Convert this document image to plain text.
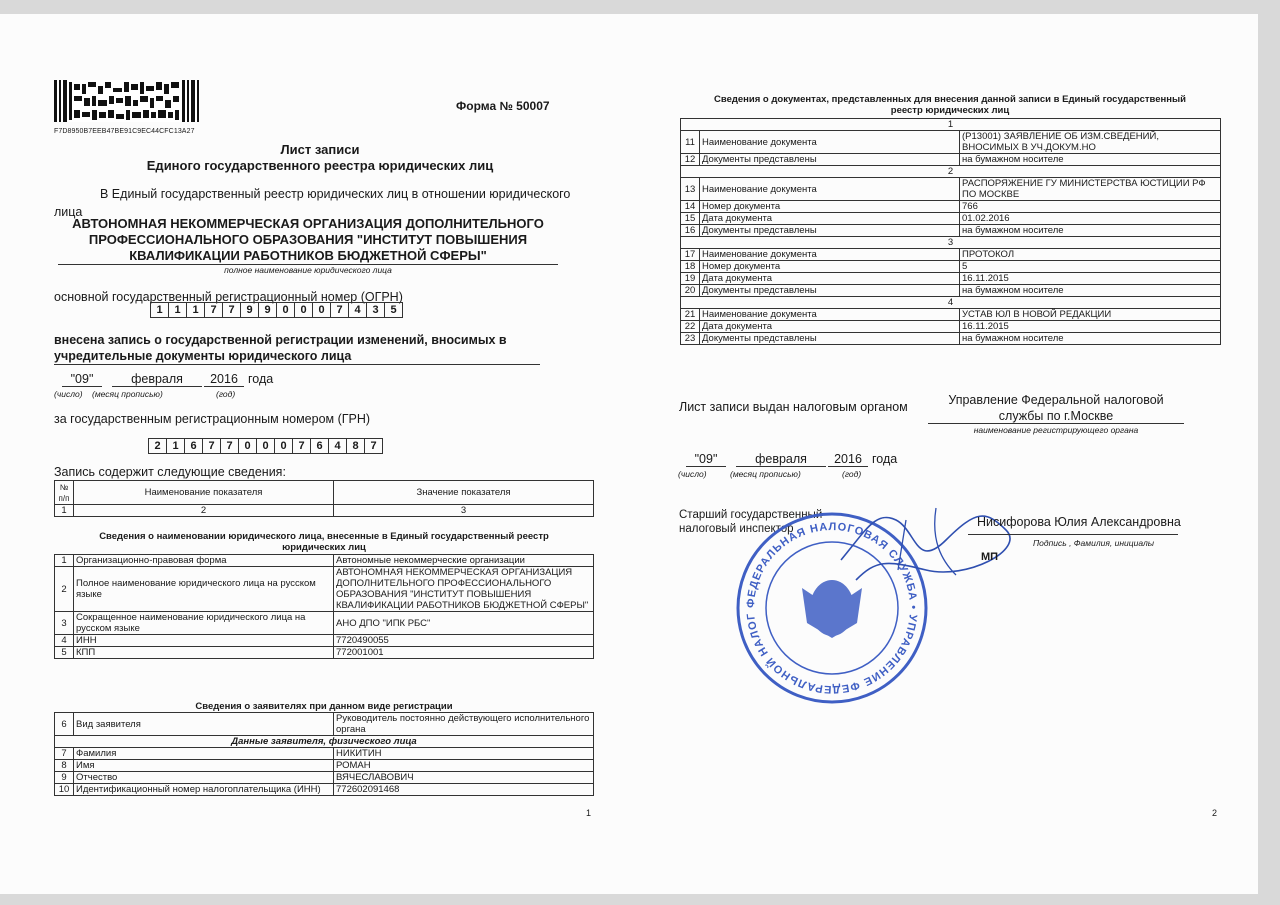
F7D8950B7EEB47BE91C9EC44CFC13A27
Форма № 50007
Лист записи
Единого государственного реестра юридических лиц
В Единый государственный реестр юридических лиц в отношении юридического
лица
АВТОНОМНАЯ НЕКОММЕРЧЕСКАЯ ОРГАНИЗАЦИЯ ДОПОЛНИТЕЛЬНОГО
ПРОФЕССИОНАЛЬНОГО ОБРАЗОВАНИЯ "ИНСТИТУТ ПОВЫШЕНИЯ
КВАЛИФИКАЦИИ РАБОТНИКОВ БЮДЖЕТНОЙ СФЕРЫ"
полное наименование юридического лица
основной государственный регистрационный номер (ОГРН)
1	1	1	7	7	9	9	0	0	0	7	4	3	5
внесена запись о государственной регистрации изменений, вносимых в
учредительные документы юридического лица
"09"	февраля	2016 года
(число) (месяц прописью)	(год)
за государственным регистрационным номером (ГРН)
2	1	6	7	7	0	0	0	7	6	4	8	7
Запись содержит следующие сведения:
№ п/п	Наименование показателя	Значение показателя
1	2	3
Сведения о наименовании юридического лица, внесенные в Единый государственный реестр
юридических лиц
1	Организационно-правовая форма	Автономные некоммерческие организации
2	Полное наименование юридического лица на русском языке	АВТОНОМНАЯ НЕКОММЕРЧЕСКАЯ ОРГАНИЗАЦИЯ ДОПОЛНИТЕЛЬНОГО ПРОФЕССИОНАЛЬНОГО ОБРАЗОВАНИЯ "ИНСТИТУТ ПОВЫШЕНИЯ КВАЛИФИКАЦИИ РАБОТНИКОВ БЮДЖЕТНОЙ СФЕРЫ"
3	Сокращенное наименование юридического лица на русском языке	АНО ДПО "ИПК РБС"
4	ИНН	7720490055
5	КПП	772001001
Сведения о заявителях при данном виде регистрации
6	Вид заявителя	Руководитель постоянно действующего исполнительного органа
Данные заявителя, физического лица		
7	Фамилия	НИКИТИН
8	Имя	РОМАН
9	Отчество	ВЯЧЕСЛАВОВИЧ
10	Идентификационный номер налогоплательщика (ИНН)	772602091468
1
Сведения о документах, представленных для внесения данной записи в Единый государственный
реестр юридических лиц
1		
11	Наименование документа	(Р13001) ЗАЯВЛЕНИЕ ОБ ИЗМ.СВЕДЕНИЙ, ВНОСИМЫХ В УЧ.ДОКУМ.НО
12	Документы представлены	на бумажном носителе
2		
13	Наименование документа	РАСПОРЯЖЕНИЕ ГУ МИНИСТЕРСТВА ЮСТИЦИИ РФ ПО МОСКВЕ
14	Номер документа	766
15	Дата документа	01.02.2016
16	Документы представлены	на бумажном носителе
3		
17	Наименование документа	ПРОТОКОЛ
18	Номер документа	5
19	Дата документа	16.11.2015
20	Документы представлены	на бумажном носителе
4		
21	Наименование документа	УСТАВ ЮЛ В НОВОЙ РЕДАКЦИИ
22	Дата документа	16.11.2015
23	Документы представлены	на бумажном носителе
Лист записи выдан налоговым органом	Управление Федеральной налоговой
службы по г.Москве
наименование регистрирующего органа
"09"	февраля	2016 года
(число)	(месяц прописью)	(год)
Старший государственный
налоговый инспектор
ФЕДЕРАЛЬНАЯ НАЛОГОВАЯ СЛУЖБА • УПРАВЛЕНИЕ ФЕДЕРАЛЬНОЙ НАЛОГ
Нисифорова Юлия Александровна
Подпись , Фамилия, инициалы
МП
2
